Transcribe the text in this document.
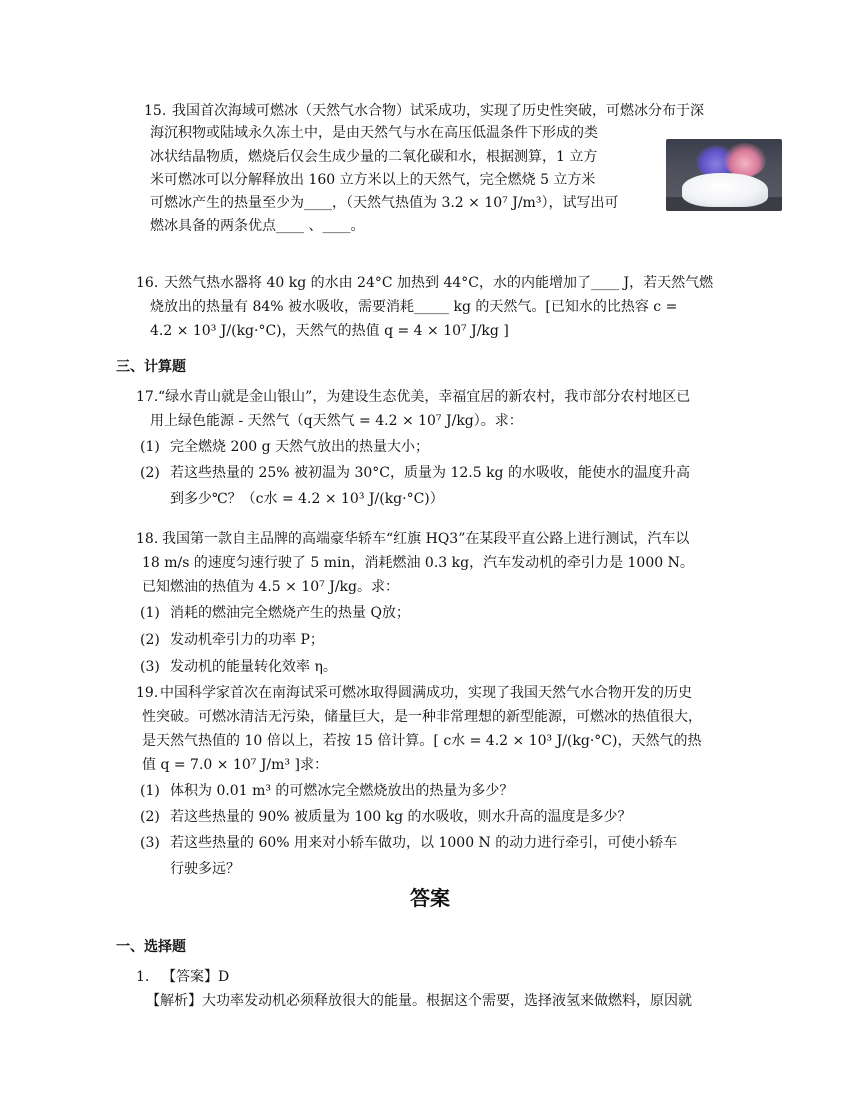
15. 我国首次海域可燃冰（天然气水合物）试采成功，实现了历史性突破，可燃冰分布于深
海沉积物或陆域永久冻土中，是由天然气与水在高压低温条件下形成的类
冰状结晶物质，燃烧后仅会生成少量的二氧化碳和水，根据测算，1 立方
米可燃冰可以分解释放出 160 立方米以上的天然气，完全燃烧 5 立方米
可燃冰产生的热量至少为____，（天然气热值为 3.2 × 10⁷ J/m³），试写出可
燃冰具备的两条优点____ 、____。
16. 天然气热水器将 40 kg 的水由 24°C 加热到 44°C，水的内能增加了____ J，若天然气燃
烧放出的热量有 84% 被水吸收，需要消耗_____ kg 的天然气。[已知水的比热容 c =
4.2 × 10³ J/(kg·°C)，天然气的热值 q = 4 × 10⁷ J/kg ]
三、计算题
17. “绿水青山就是金山银山”，为建设生态优美，幸福宜居的新农村，我市部分农村地区已
用上绿色能源 - 天然气（q天然气 = 4.2 × 10⁷ J/kg）。求：
(1) 完全燃烧 200 g 天然气放出的热量大小；
(2) 若这些热量的 25% 被初温为 30°C，质量为 12.5 kg 的水吸收，能使水的温度升高
到多少℃？（c水 = 4.2 × 10³ J/(kg·°C)）
18. 我国第一款自主品牌的高端豪华轿车“红旗 HQ3”在某段平直公路上进行测试，汽车以
18 m/s 的速度匀速行驶了 5 min，消耗燃油 0.3 kg，汽车发动机的牵引力是 1000 N。
已知燃油的热值为 4.5 × 10⁷ J/kg。求：
(1) 消耗的燃油完全燃烧产生的热量 Q放；
(2) 发动机牵引力的功率 P；
(3) 发动机的能量转化效率 η。
19. 中国科学家首次在南海试采可燃冰取得圆满成功，实现了我国天然气水合物开发的历史
性突破。可燃冰清洁无污染，储量巨大，是一种非常理想的新型能源，可燃冰的热值很大，
是天然气热值的 10 倍以上，若按 15 倍计算。[ c水 = 4.2 × 10³ J/(kg·°C)，天然气的热
值 q = 7.0 × 10⁷ J/m³ ]求：
(1) 体积为 0.01 m³ 的可燃冰完全燃烧放出的热量为多少？
(2) 若这些热量的 90% 被质量为 100 kg 的水吸收，则水升高的温度是多少？
(3) 若这些热量的 60% 用来对小轿车做功，以 1000 N 的动力进行牵引，可使小轿车
行驶多远？
答案
一、选择题
1. 【答案】D
【解析】大功率发动机必须释放很大的能量。根据这个需要，选择液氢来做燃料，原因就
